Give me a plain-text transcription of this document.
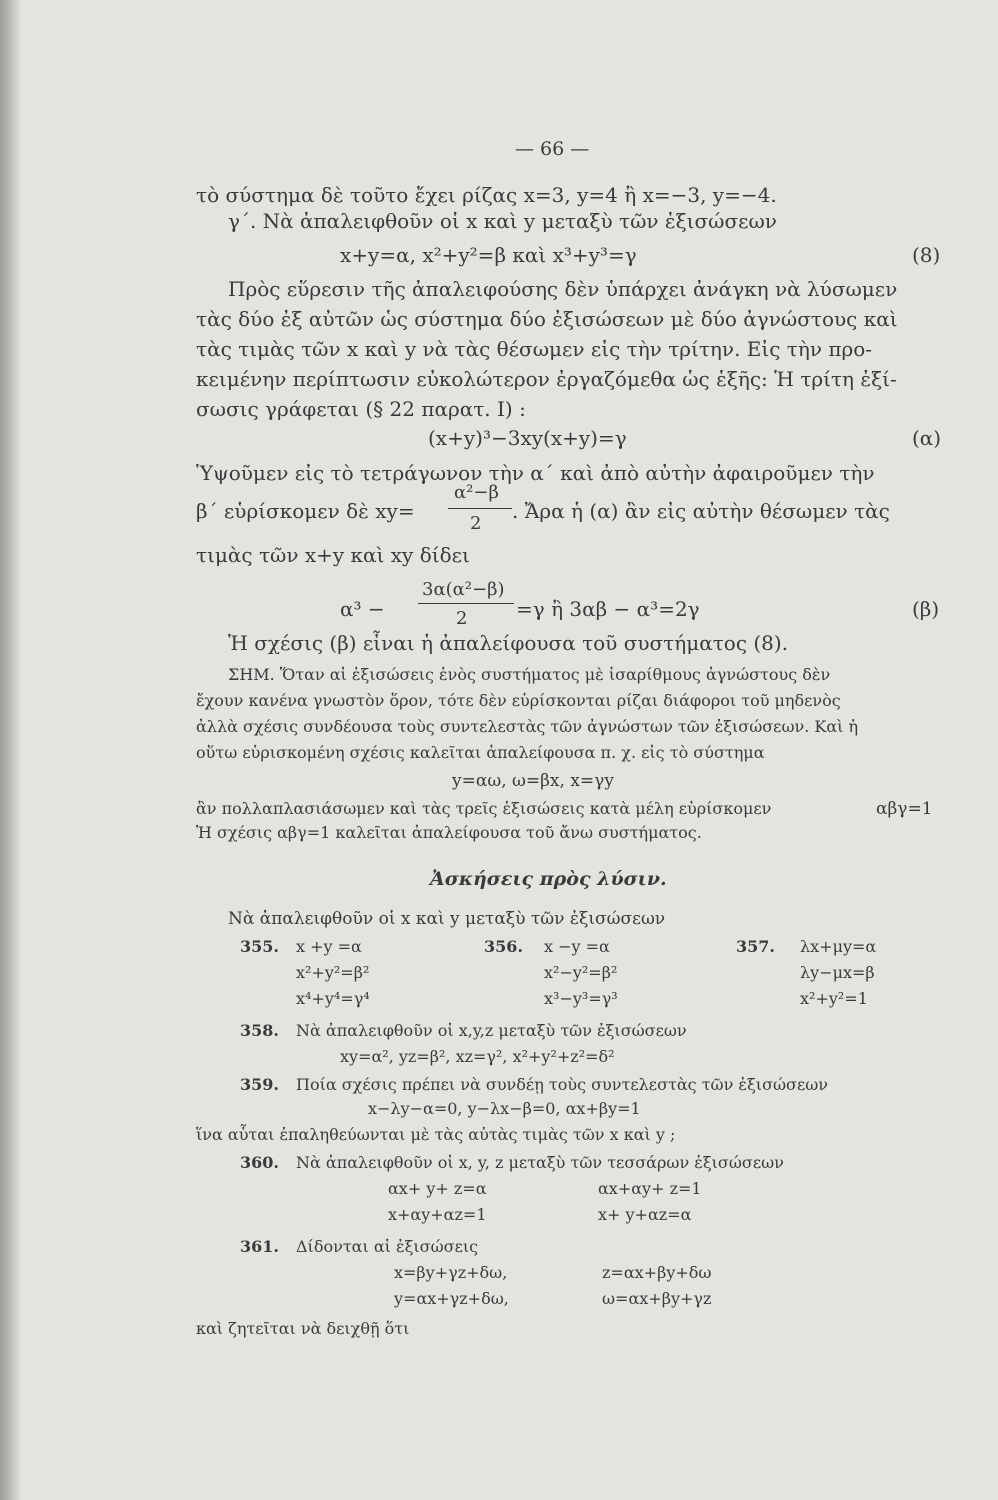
— 66 —
τὸ σύστημα δὲ τοῦτο ἔχει ρίζας x=3, y=4 ἢ x=−3, y=−4.
γ΄. Νὰ ἀπαλειφθοῦν οἱ x καὶ y μεταξὺ τῶν ἐξισώσεων
x+y=α, x²+y²=β καὶ x³+y³=γ	(8)
Πρὸς εὕρεσιν τῆς ἀπαλειφούσης δὲν ὑπάρχει ἀνάγκη νὰ λύσωμεν
τὰς δύο ἐξ αὐτῶν ὡς σύστημα δύο ἐξισώσεων μὲ δύο ἀγνώστους καὶ
τὰς τιμὰς τῶν x καὶ y νὰ τὰς θέσωμεν εἰς τὴν τρίτην. Εἰς τὴν προ-
κειμένην περίπτωσιν εὐκολώτερον ἐργαζόμεθα ὡς ἑξῆς: Ἡ τρίτη ἐξί-
σωσις γράφεται (§ 22 παρατ. I) :
(x+y)³−3xy(x+y)=γ	(α)
Ὑψοῦμεν εἰς τὸ τετράγωνον τὴν α΄ καὶ ἀπὸ αὐτὴν ἀφαιροῦμεν τὴν
β΄ εὑρίσκομεν δὲ xy=
α²−β
2
. Ἄρα ἡ (α) ἂν εἰς αὐτὴν θέσωμεν τὰς
τιμὰς τῶν x+y καὶ xy δίδει
α³ −
3α(α²−β)
2 =γ ἢ 3αβ − α³=2γ	(β)
Ἡ σχέσις (β) εἶναι ἡ ἀπαλείφουσα τοῦ συστήματος (8).
ΣΗΜ. Ὅταν αἱ ἐξισώσεις ἑνὸς συστήματος μὲ ἰσαρίθμους ἀγνώστους δὲν
ἔχουν κανένα γνωστὸν ὅρον, τότε δὲν εὑρίσκονται ρίζαι διάφοροι τοῦ μηδενὸς
ἀλλὰ σχέσις συνδέουσα τοὺς συντελεστὰς τῶν ἀγνώστων τῶν ἐξισώσεων. Καὶ ἡ
οὕτω εὑρισκομένη σχέσις καλεῖται ἀπαλείφουσα π. χ. εἰς τὸ σύστημα
y=αω, ω=βx, x=γy
ἂν πολλαπλασιάσωμεν καὶ τὰς τρεῖς ἐξισώσεις κατὰ μέλη εὑρίσκομεν	αβγ=1
Ἡ σχέσις αβγ=1 καλεῖται ἀπαλείφουσα τοῦ ἄνω συστήματος.
Ἀσκήσεις πρὸς λύσιν.
Νὰ ἀπαλειφθοῦν οἱ x καὶ y μεταξὺ τῶν ἐξισώσεων
355. x +y =α
x²+y²=β²
x⁴+y⁴=γ⁴
356. x −y =α
x²−y²=β²
x³−y³=γ³
357. λx+μy=α
λy−μx=β
x²+y²=1
358. Νὰ ἀπαλειφθοῦν οἱ x,y,z μεταξὺ τῶν ἐξισώσεων
xy=α², yz=β², xz=γ², x²+y²+z²=δ²
359. Ποία σχέσις πρέπει νὰ συνδέῃ τοὺς συντελεστὰς τῶν ἐξισώσεων
x−λy−α=0, y−λx−β=0, αx+βy=1
ἵνα αὗται ἐπαληθεύωνται μὲ τὰς αὐτὰς τιμὰς τῶν x καὶ y ;
360. Νὰ ἀπαλειφθοῦν οἱ x, y, z μεταξὺ τῶν τεσσάρων ἐξισώσεων
αx+ y+ z=α	αx+αy+ z=1
x+αy+αz=1	x+ y+αz=α
361. Δίδονται αἱ ἐξισώσεις
x=βy+γz+δω,	z=αx+βy+δω
y=αx+γz+δω,	ω=αx+βy+γz
καὶ ζητεῖται νὰ δειχθῇ ὅτι
